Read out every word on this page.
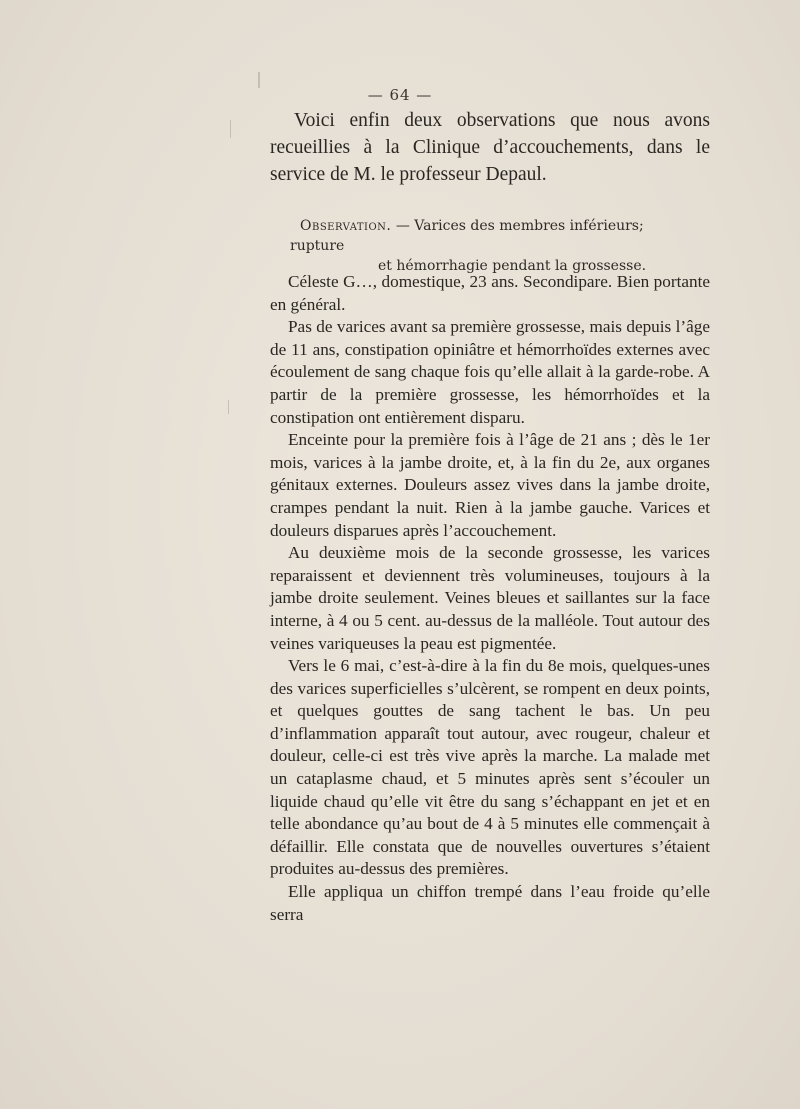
— 64 —

Voici enfin deux observations que nous avons recueillies à la Clinique d’accouchements, dans le service de M. le professeur Depaul.

Observation. — Varices des membres inférieurs; rupture
et hémorrhagie pendant la grossesse.

Céleste G…, domestique, 23 ans. Secondipare. Bien portante en général.

Pas de varices avant sa première grossesse, mais depuis l’âge de 11 ans, constipation opiniâtre et hémorrhoïdes externes avec écoulement de sang chaque fois qu’elle allait à la garde-robe. A partir de la première grossesse, les hémorrhoïdes et la constipation ont entièrement disparu.

Enceinte pour la première fois à l’âge de 21 ans ; dès le 1er mois, varices à la jambe droite, et, à la fin du 2e, aux organes génitaux externes. Douleurs assez vives dans la jambe droite, crampes pendant la nuit. Rien à la jambe gauche. Varices et douleurs disparues après l’accouchement.

Au deuxième mois de la seconde grossesse, les varices reparaissent et deviennent très volumineuses, toujours à la jambe droite seulement. Veines bleues et saillantes sur la face interne, à 4 ou 5 cent. au-dessus de la malléole. Tout autour des veines variqueuses la peau est pigmentée.

Vers le 6 mai, c’est-à-dire à la fin du 8e mois, quelques-unes des varices superficielles s’ulcèrent, se rompent en deux points, et quelques gouttes de sang tachent le bas. Un peu d’inflammation apparaît tout autour, avec rougeur, chaleur et douleur, celle-ci est très vive après la marche. La malade met un cataplasme chaud, et 5 minutes après sent s’écouler un liquide chaud qu’elle vit être du sang s’échappant en jet et en telle abondance qu’au bout de 4 à 5 minutes elle commençait à défaillir. Elle constata que de nouvelles ouvertures s’étaient produites au-dessus des premières.

Elle appliqua un chiffon trempé dans l’eau froide qu’elle serra
